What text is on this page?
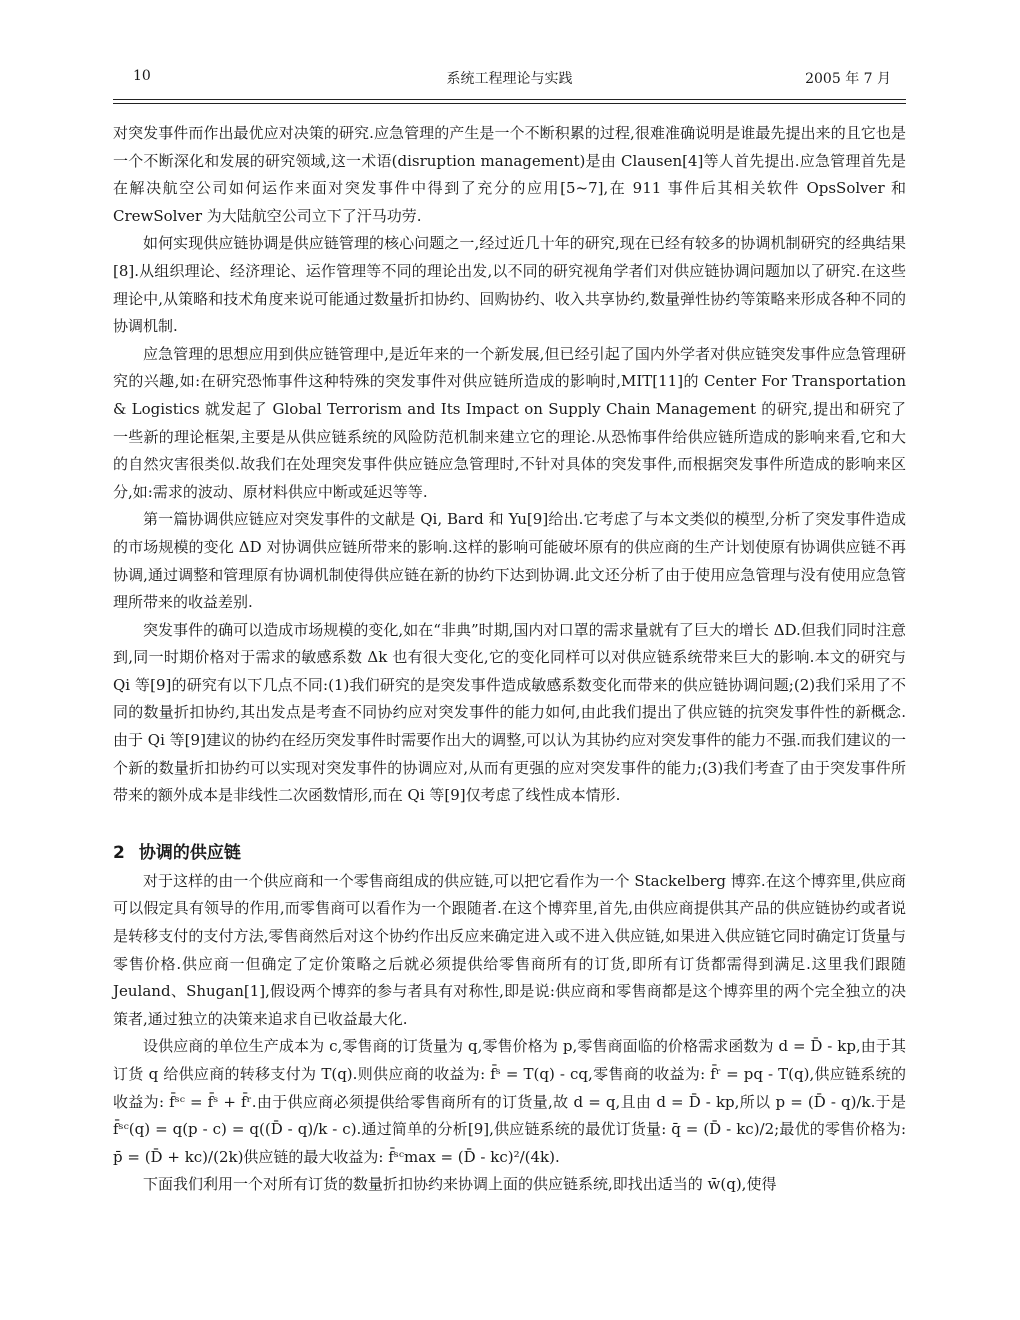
10	系统工程理论与实践	2005 年 7 月

对突发事件而作出最优应对决策的研究.应急管理的产生是一个不断积累的过程,很难准确说明是谁最先提出来的且它也是一个不断深化和发展的研究领域,这一术语(disruption management)是由 Clausen[4]等人首先提出.应急管理首先是在解决航空公司如何运作来面对突发事件中得到了充分的应用[5~7],在 911 事件后其相关软件 OpsSolver 和 CrewSolver 为大陆航空公司立下了汗马功劳.

如何实现供应链协调是供应链管理的核心问题之一,经过近几十年的研究,现在已经有较多的协调机制研究的经典结果[8].从组织理论、经济理论、运作管理等不同的理论出发,以不同的研究视角学者们对供应链协调问题加以了研究.在这些理论中,从策略和技术角度来说可能通过数量折扣协约、回购协约、收入共享协约,数量弹性协约等策略来形成各种不同的协调机制.

应急管理的思想应用到供应链管理中,是近年来的一个新发展,但已经引起了国内外学者对供应链突发事件应急管理研究的兴趣,如:在研究恐怖事件这种特殊的突发事件对供应链所造成的影响时,MIT[11]的 Center For Transportation & Logistics 就发起了 Global Terrorism and Its Impact on Supply Chain Management 的研究,提出和研究了一些新的理论框架,主要是从供应链系统的风险防范机制来建立它的理论.从恐怖事件给供应链所造成的影响来看,它和大的自然灾害很类似.故我们在处理突发事件供应链应急管理时,不针对具体的突发事件,而根据突发事件所造成的影响来区分,如:需求的波动、原材料供应中断或延迟等等.

第一篇协调供应链应对突发事件的文献是 Qi, Bard 和 Yu[9]给出.它考虑了与本文类似的模型,分析了突发事件造成的市场规模的变化 ΔD 对协调供应链所带来的影响.这样的影响可能破坏原有的供应商的生产计划使原有协调供应链不再协调,通过调整和管理原有协调机制使得供应链在新的协约下达到协调.此文还分析了由于使用应急管理与没有使用应急管理所带来的收益差别.

突发事件的确可以造成市场规模的变化,如在“非典”时期,国内对口罩的需求量就有了巨大的增长 ΔD.但我们同时注意到,同一时期价格对于需求的敏感系数 Δk 也有很大变化,它的变化同样可以对供应链系统带来巨大的影响.本文的研究与 Qi 等[9]的研究有以下几点不同:(1)我们研究的是突发事件造成敏感系数变化而带来的供应链协调问题;(2)我们采用了不同的数量折扣协约,其出发点是考查不同协约应对突发事件的能力如何,由此我们提出了供应链的抗突发事件性的新概念.由于 Qi 等[9]建议的协约在经历突发事件时需要作出大的调整,可以认为其协约应对突发事件的能力不强.而我们建议的一个新的数量折扣协约可以实现对突发事件的协调应对,从而有更强的应对突发事件的能力;(3)我们考查了由于突发事件所带来的额外成本是非线性二次函数情形,而在 Qi 等[9]仅考虑了线性成本情形.

2 协调的供应链

对于这样的由一个供应商和一个零售商组成的供应链,可以把它看作为一个 Stackelberg 博弈.在这个博弈里,供应商可以假定具有领导的作用,而零售商可以看作为一个跟随者.在这个博弈里,首先,由供应商提供其产品的供应链协约或者说是转移支付的支付方法,零售商然后对这个协约作出反应来确定进入或不进入供应链,如果进入供应链它同时确定订货量与零售价格.供应商一但确定了定价策略之后就必须提供给零售商所有的订货,即所有订货都需得到满足.这里我们跟随 Jeuland、Shugan[1],假设两个博弈的参与者具有对称性,即是说:供应商和零售商都是这个博弈里的两个完全独立的决策者,通过独立的决策来追求自已收益最大化.

设供应商的单位生产成本为 c,零售商的订货量为 q,零售价格为 p,零售商面临的价格需求函数为 d = D̄ - kp,由于其订货 q 给供应商的转移支付为 T(q).则供应商的收益为: f̄ˢ = T(q) - cq,零售商的收益为: f̄ʳ = pq - T(q),供应链系统的收益为: f̄ˢᶜ = f̄ˢ + f̄ʳ.由于供应商必须提供给零售商所有的订货量,故 d = q,且由 d = D̄ - kp,所以 p = (D̄ - q)/k.于是 f̄ˢᶜ(q) = q(p - c) = q((D̄ - q)/k - c).通过简单的分析[9],供应链系统的最优订货量: q̄ = (D̄ - kc)/2;最优的零售价格为: p̄ = (D̄ + kc)/(2k)供应链的最大收益为: f̄ˢᶜmax = (D̄ - kc)²/(4k).

下面我们利用一个对所有订货的数量折扣协约来协调上面的供应链系统,即找出适当的 w̄(q),使得
